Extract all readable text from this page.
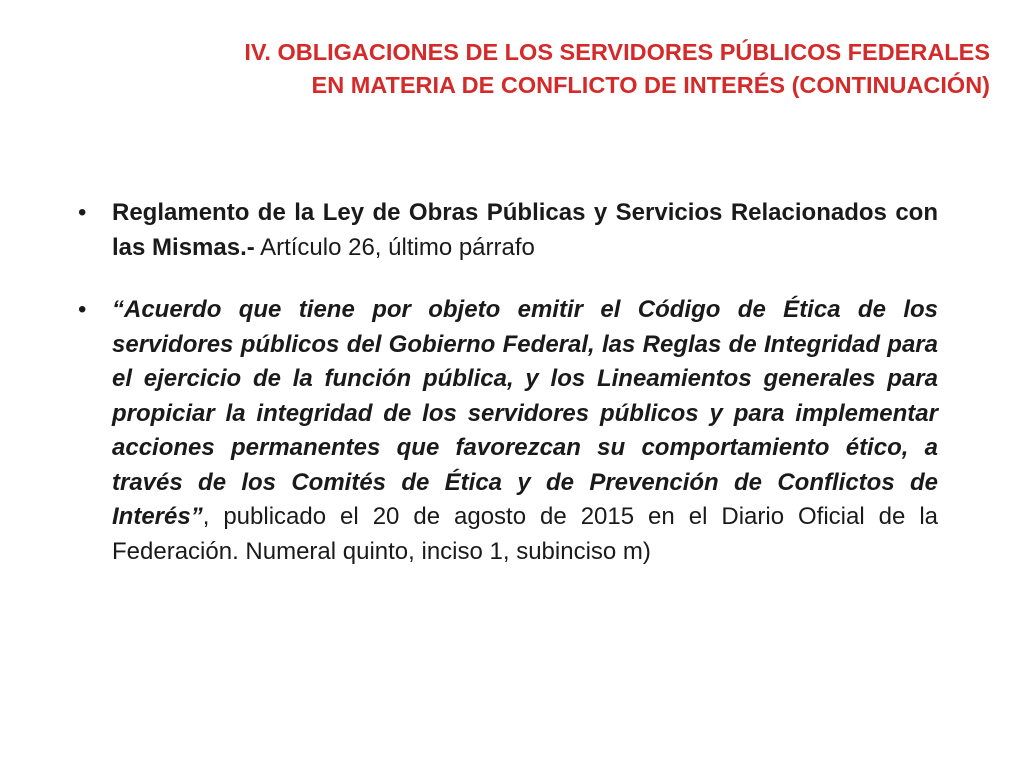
IV. OBLIGACIONES DE LOS SERVIDORES PÚBLICOS FEDERALES
EN MATERIA DE CONFLICTO DE INTERÉS (CONTINUACIÓN)
•	Reglamento de la Ley de Obras Públicas y Servicios Relacionados con las Mismas.- Artículo 26, último párrafo
•	“Acuerdo que tiene por objeto emitir el Código de Ética de los servidores públicos del Gobierno Federal, las Reglas de Integridad para el ejercicio de la función pública, y los Lineamientos generales para propiciar la integridad de los servidores públicos y para implementar acciones permanentes que favorezcan su comportamiento ético, a través de los Comités de Ética y de Prevención de Conflictos de Interés”, publicado el 20 de agosto de 2015 en el Diario Oficial de la Federación. Numeral quinto, inciso 1, subinciso m)
